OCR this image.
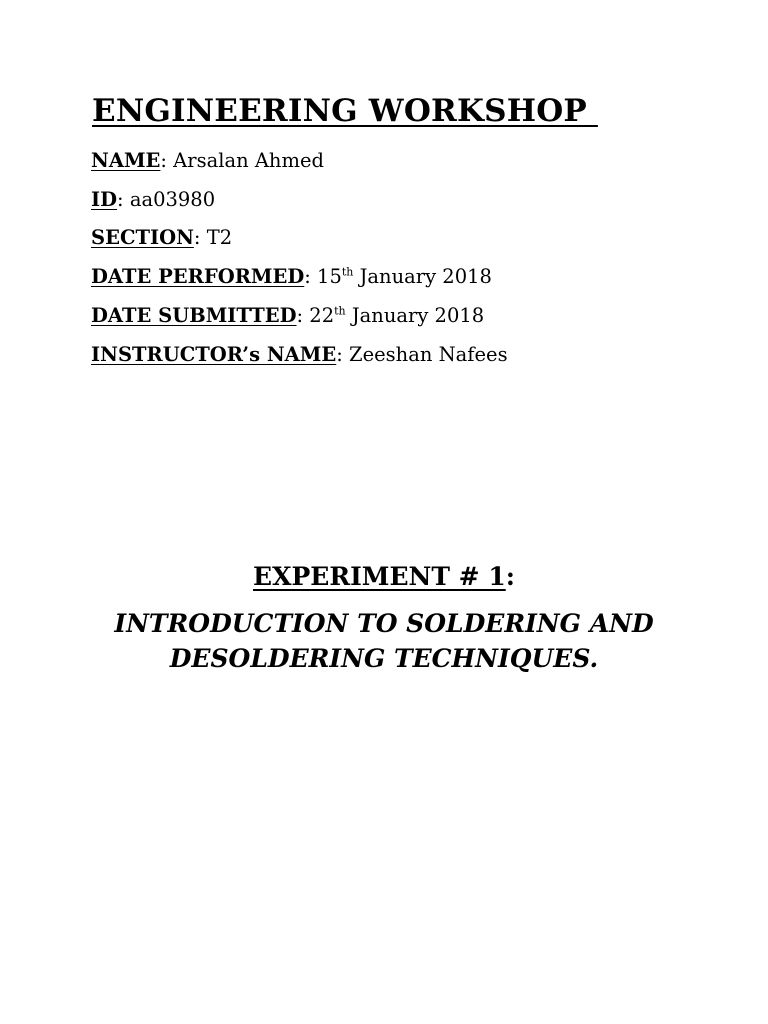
ENGINEERING WORKSHOP

NAME: Arsalan Ahmed

ID: aa03980

SECTION: T2

DATE PERFORMED: 15th January 2018

DATE SUBMITTED: 22th January 2018

INSTRUCTOR’s NAME: Zeeshan Nafees

EXPERIMENT # 1:
INTRODUCTION TO SOLDERING AND
DESOLDERING TECHNIQUES.
